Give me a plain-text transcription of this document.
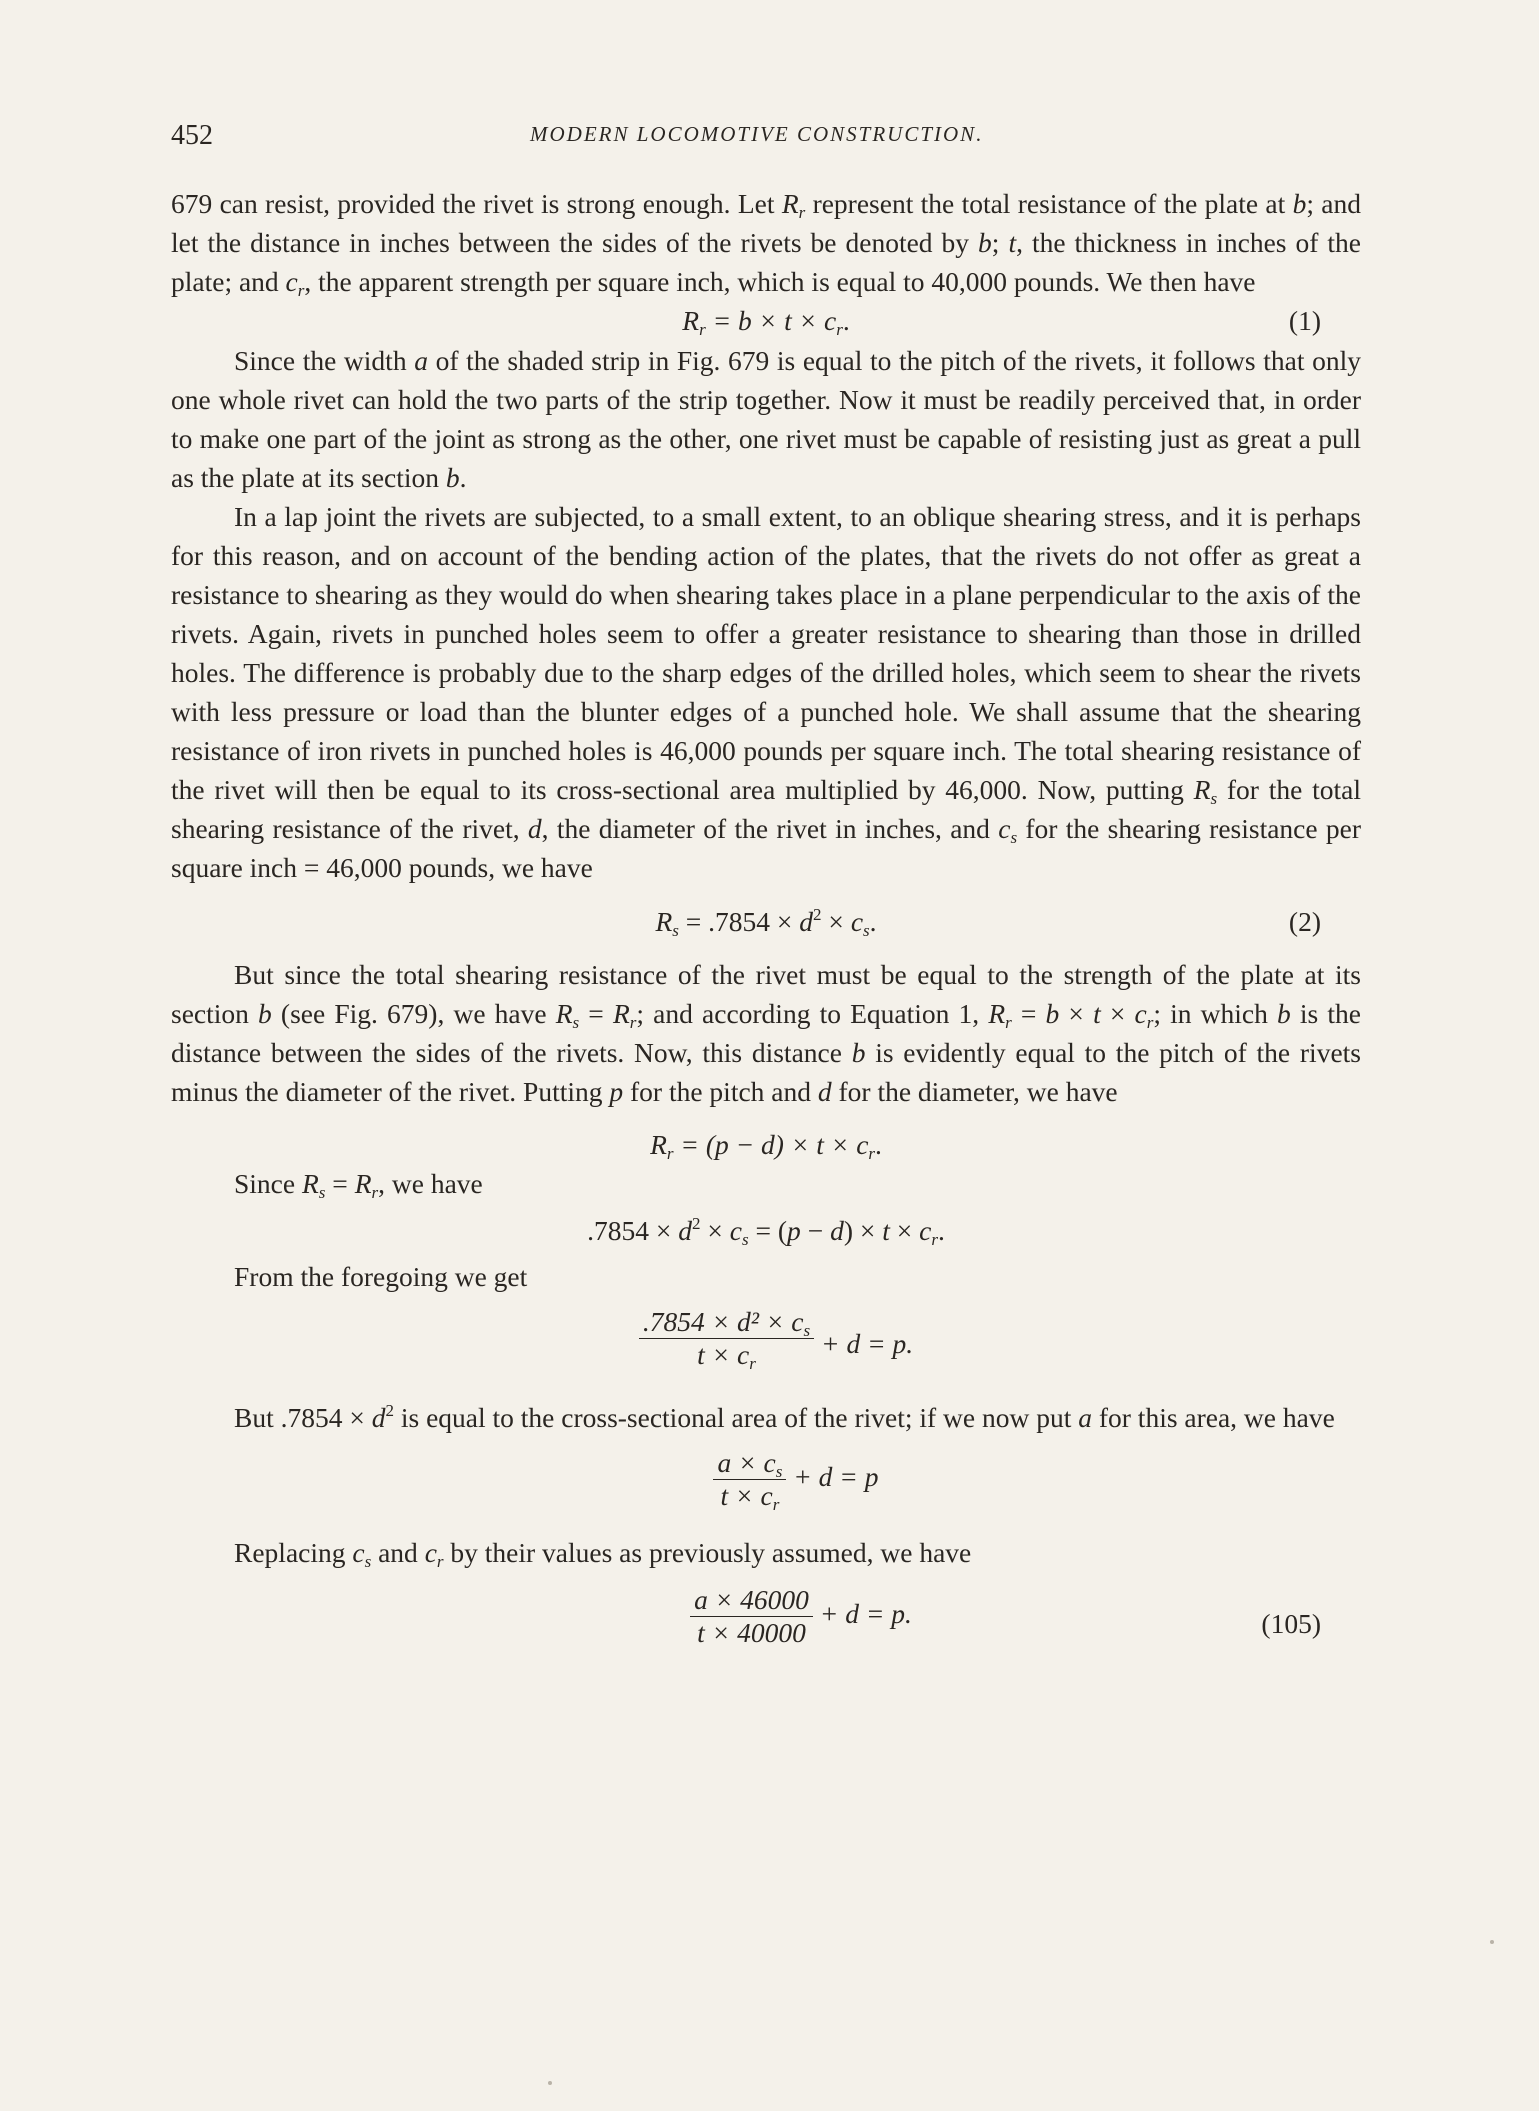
452	MODERN LOCOMOTIVE CONSTRUCTION.

679 can resist, provided the rivet is strong enough. Let $R_r$ represent the total resistance of the plate at b; and let the distance in inches between the sides of the rivets be denoted by b; t, the thickness in inches of the plate; and $c_r$, the apparent strength per square inch, which is equal to 40,000 pounds. We then have

$R_r = b \times t \times c_r$.	(1)

Since the width a of the shaded strip in Fig. 679 is equal to the pitch of the rivets, it follows that only one whole rivet can hold the two parts of the strip together. Now it must be readily perceived that, in order to make one part of the joint as strong as the other, one rivet must be capable of resisting just as great a pull as the plate at its section b.

In a lap joint the rivets are subjected, to a small extent, to an oblique shearing stress, and it is perhaps for this reason, and on account of the bending action of the plates, that the rivets do not offer as great a resistance to shearing as they would do when shearing takes place in a plane perpendicular to the axis of the rivets. Again, rivets in punched holes seem to offer a greater resistance to shearing than those in drilled holes. The difference is probably due to the sharp edges of the drilled holes, which seem to shear the rivets with less pressure or load than the blunter edges of a punched hole. We shall assume that the shearing resistance of iron rivets in punched holes is 46,000 pounds per square inch. The total shearing resistance of the rivet will then be equal to its cross-sectional area multiplied by 46,000. Now, putting $R_s$ for the total shearing resistance of the rivet, d, the diameter of the rivet in inches, and $c_s$ for the shearing resistance per square inch = 46,000 pounds, we have

$R_s = .7854 \times d^2 \times c_s$.	(2)

But since the total shearing resistance of the rivet must be equal to the strength of the plate at its section b (see Fig. 679), we have $R_s = R_r$; and according to Equation 1, $R_r = b \times t \times c_r$; in which b is the distance between the sides of the rivets. Now, this distance b is evidently equal to the pitch of the rivets minus the diameter of the rivet. Putting p for the pitch and d for the diameter, we have

$R_r = (p - d) \times t \times c_r$.

Since $R_s = R_r$, we have

$.7854 \times d^2 \times c_s = (p - d) \times t \times c_r$.

From the foregoing we get

$\frac{.7854 \times d^2 \times c_s}{t \times c_r} + d = p$.

But $.7854 \times d^2$ is equal to the cross-sectional area of the rivet; if we now put a for this area, we have

$\frac{a \times c_s}{t \times c_r} + d = p$

Replacing $c_s$ and $c_r$ by their values as previously assumed, we have

$\frac{a \times 46000}{t \times 40000} + d = p$.	(105)
